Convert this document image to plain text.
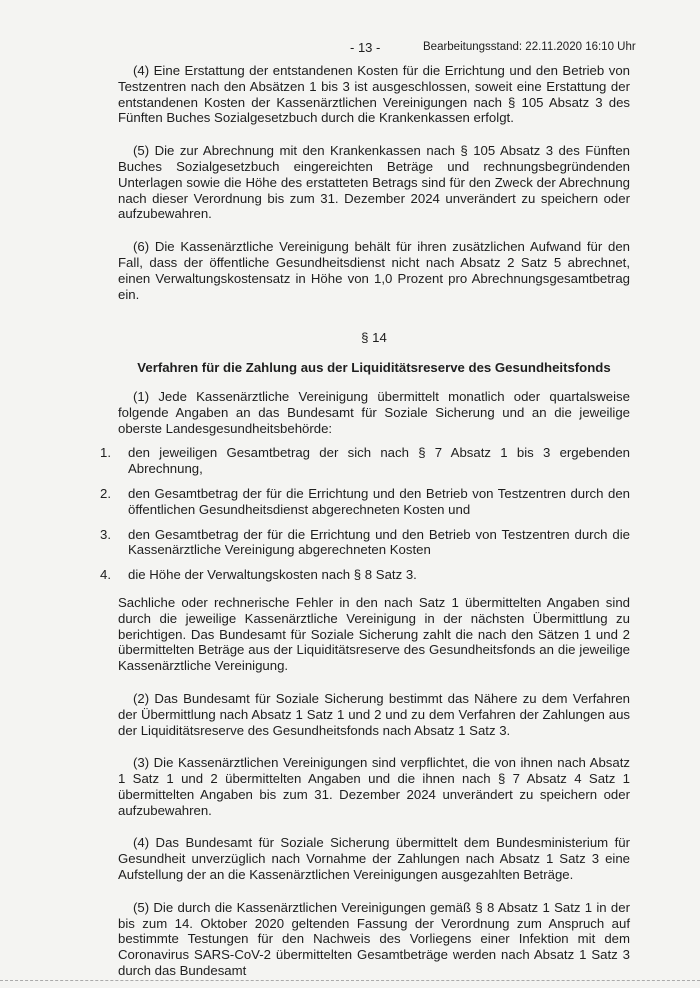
- 13 -	Bearbeitungsstand: 22.11.2020 16:10 Uhr

(4) Eine Erstattung der entstandenen Kosten für die Errichtung und den Betrieb von Testzentren nach den Absätzen 1 bis 3 ist ausgeschlossen, soweit eine Erstattung der entstandenen Kosten der Kassenärztlichen Vereinigungen nach § 105 Absatz 3 des Fünften Buches Sozialgesetzbuch durch die Krankenkassen erfolgt.

(5) Die zur Abrechnung mit den Krankenkassen nach § 105 Absatz 3 des Fünften Buches Sozialgesetzbuch eingereichten Beträge und rechnungsbegründenden Unterlagen sowie die Höhe des erstatteten Betrags sind für den Zweck der Abrechnung nach dieser Verordnung bis zum 31. Dezember 2024 unverändert zu speichern oder aufzubewahren.

(6) Die Kassenärztliche Vereinigung behält für ihren zusätzlichen Aufwand für den Fall, dass der öffentliche Gesundheitsdienst nicht nach Absatz 2 Satz 5 abrechnet, einen Verwaltungskostensatz in Höhe von 1,0 Prozent pro Abrechnungsgesamtbetrag ein.

§ 14
Verfahren für die Zahlung aus der Liquiditätsreserve des Gesundheitsfonds

(1) Jede Kassenärztliche Vereinigung übermittelt monatlich oder quartalsweise folgende Angaben an das Bundesamt für Soziale Sicherung und an die jeweilige oberste Landesgesundheitsbehörde:

1. den jeweiligen Gesamtbetrag der sich nach § 7 Absatz 1 bis 3 ergebenden Abrechnung,

2. den Gesamtbetrag der für die Errichtung und den Betrieb von Testzentren durch den öffentlichen Gesundheitsdienst abgerechneten Kosten und

3. den Gesamtbetrag der für die Errichtung und den Betrieb von Testzentren durch die Kassenärztliche Vereinigung abgerechneten Kosten

4. die Höhe der Verwaltungskosten nach § 8 Satz 3.

Sachliche oder rechnerische Fehler in den nach Satz 1 übermittelten Angaben sind durch die jeweilige Kassenärztliche Vereinigung in der nächsten Übermittlung zu berichtigen. Das Bundesamt für Soziale Sicherung zahlt die nach den Sätzen 1 und 2 übermittelten Beträge aus der Liquiditätsreserve des Gesundheitsfonds an die jeweilige Kassenärztliche Vereinigung.

(2) Das Bundesamt für Soziale Sicherung bestimmt das Nähere zu dem Verfahren der Übermittlung nach Absatz 1 Satz 1 und 2 und zu dem Verfahren der Zahlungen aus der Liquiditätsreserve des Gesundheitsfonds nach Absatz 1 Satz 3.

(3) Die Kassenärztlichen Vereinigungen sind verpflichtet, die von ihnen nach Absatz 1 Satz 1 und 2 übermittelten Angaben und die ihnen nach § 7 Absatz 4 Satz 1 übermittelten Angaben bis zum 31. Dezember 2024 unverändert zu speichern oder aufzubewahren.

(4) Das Bundesamt für Soziale Sicherung übermittelt dem Bundesministerium für Gesundheit unverzüglich nach Vornahme der Zahlungen nach Absatz 1 Satz 3 eine Aufstellung der an die Kassenärztlichen Vereinigungen ausgezahlten Beträge.

(5) Die durch die Kassenärztlichen Vereinigungen gemäß § 8 Absatz 1 Satz 1 in der bis zum 14. Oktober 2020 geltenden Fassung der Verordnung zum Anspruch auf bestimmte Testungen für den Nachweis des Vorliegens einer Infektion mit dem Coronavirus SARS-CoV-2 übermittelten Gesamtbeträge werden nach Absatz 1 Satz 3 durch das Bundesamt
